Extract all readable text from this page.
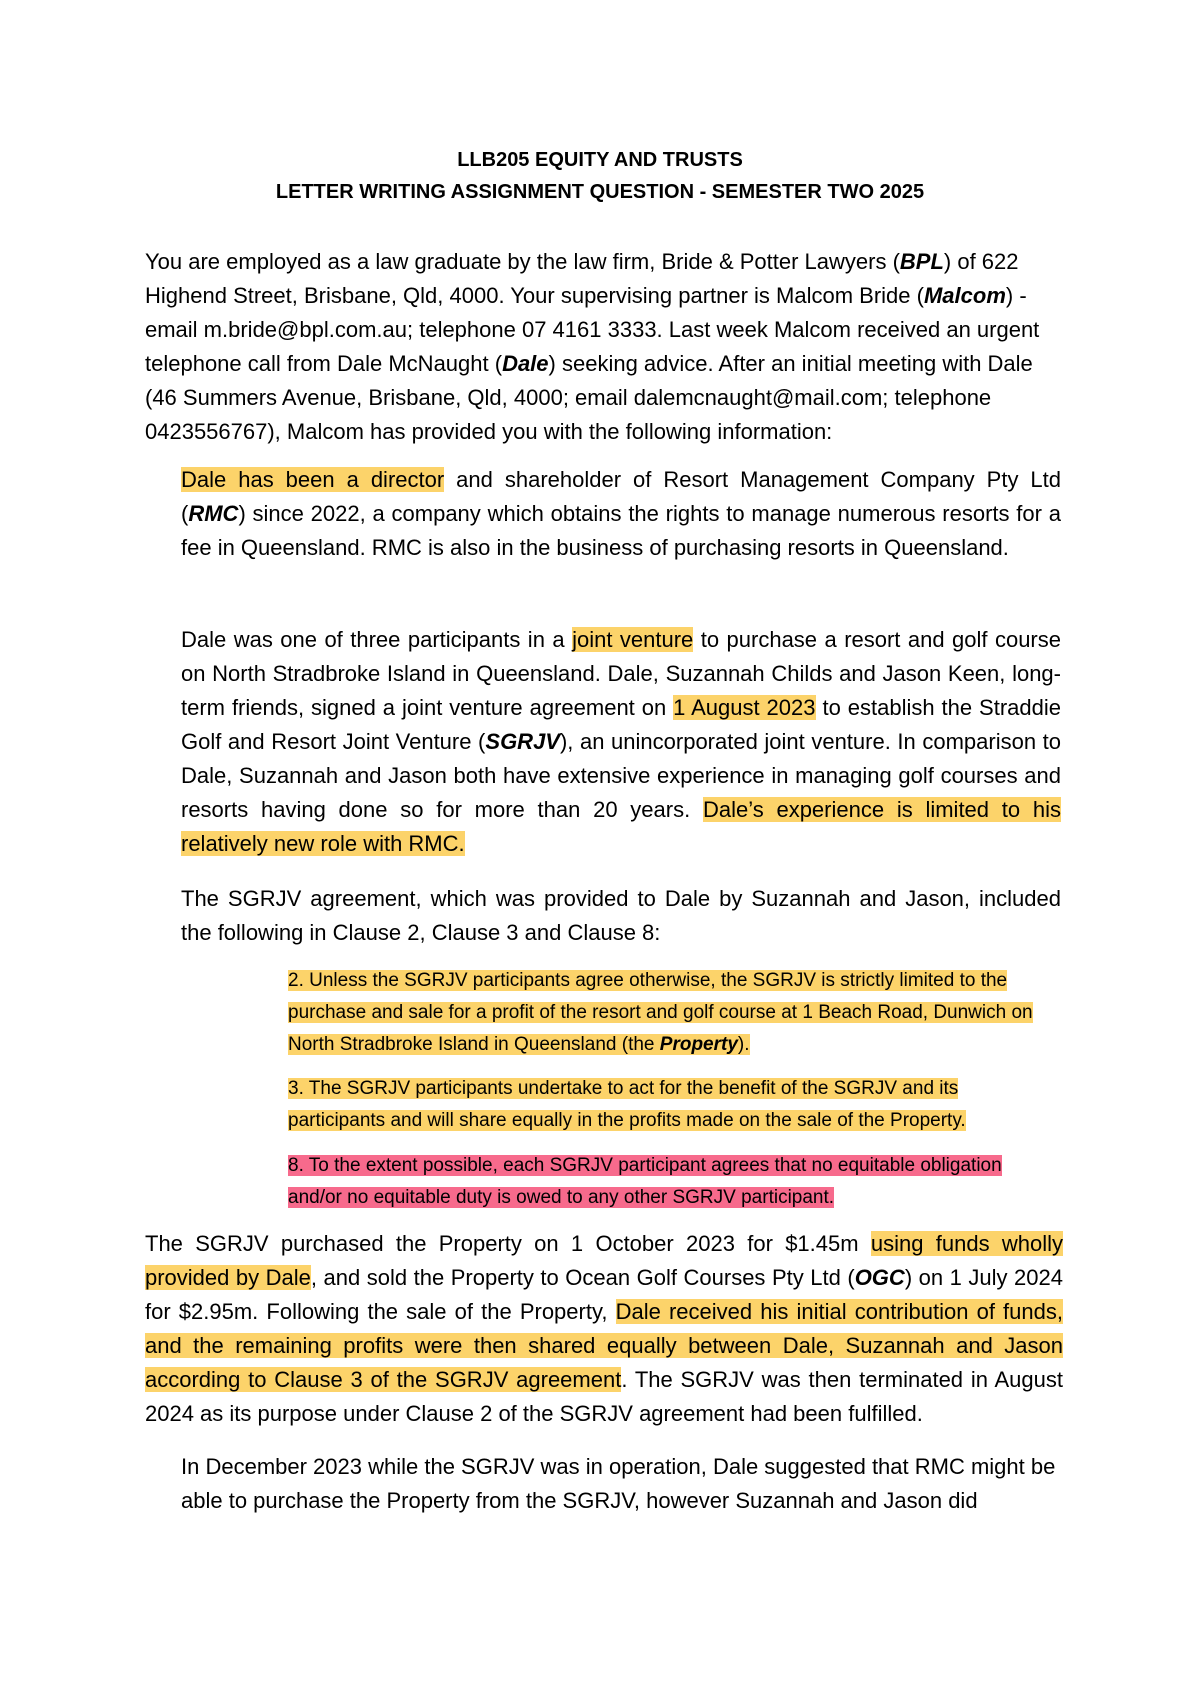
LLB205 EQUITY AND TRUSTS

LETTER WRITING ASSIGNMENT QUESTION - SEMESTER TWO 2025

You are employed as a law graduate by the law firm, Bride & Potter Lawyers (BPL) of 622 Highend Street, Brisbane, Qld, 4000. Your supervising partner is Malcom Bride (Malcom) - email m.bride@bpl.com.au; telephone 07 4161 3333. Last week Malcom received an urgent telephone call from Dale McNaught (Dale) seeking advice. After an initial meeting with Dale (46 Summers Avenue, Brisbane, Qld, 4000; email dalemcnaught@mail.com; telephone 0423556767), Malcom has provided you with the following information:

Dale has been a director and shareholder of Resort Management Company Pty Ltd (RMC) since 2022, a company which obtains the rights to manage numerous resorts for a fee in Queensland. RMC is also in the business of purchasing resorts in Queensland.

Dale was one of three participants in a joint venture to purchase a resort and golf course on North Stradbroke Island in Queensland. Dale, Suzannah Childs and Jason Keen, long-term friends, signed a joint venture agreement on 1 August 2023 to establish the Straddie Golf and Resort Joint Venture (SGRJV), an unincorporated joint venture. In comparison to Dale, Suzannah and Jason both have extensive experience in managing golf courses and resorts having done so for more than 20 years. Dale’s experience is limited to his relatively new role with RMC.

The SGRJV agreement, which was provided to Dale by Suzannah and Jason, included the following in Clause 2, Clause 3 and Clause 8:

2. Unless the SGRJV participants agree otherwise, the SGRJV is strictly limited to the purchase and sale for a profit of the resort and golf course at 1 Beach Road, Dunwich on North Stradbroke Island in Queensland (the Property).

3. The SGRJV participants undertake to act for the benefit of the SGRJV and its participants and will share equally in the profits made on the sale of the Property.

8. To the extent possible, each SGRJV participant agrees that no equitable obligation and/or no equitable duty is owed to any other SGRJV participant.

The SGRJV purchased the Property on 1 October 2023 for $1.45m using funds wholly provided by Dale, and sold the Property to Ocean Golf Courses Pty Ltd (OGC) on 1 July 2024 for $2.95m. Following the sale of the Property, Dale received his initial contribution of funds, and the remaining profits were then shared equally between Dale, Suzannah and Jason according to Clause 3 of the SGRJV agreement. The SGRJV was then terminated in August 2024 as its purpose under Clause 2 of the SGRJV agreement had been fulfilled.

In December 2023 while the SGRJV was in operation, Dale suggested that RMC might be able to purchase the Property from the SGRJV, however Suzannah and Jason did
